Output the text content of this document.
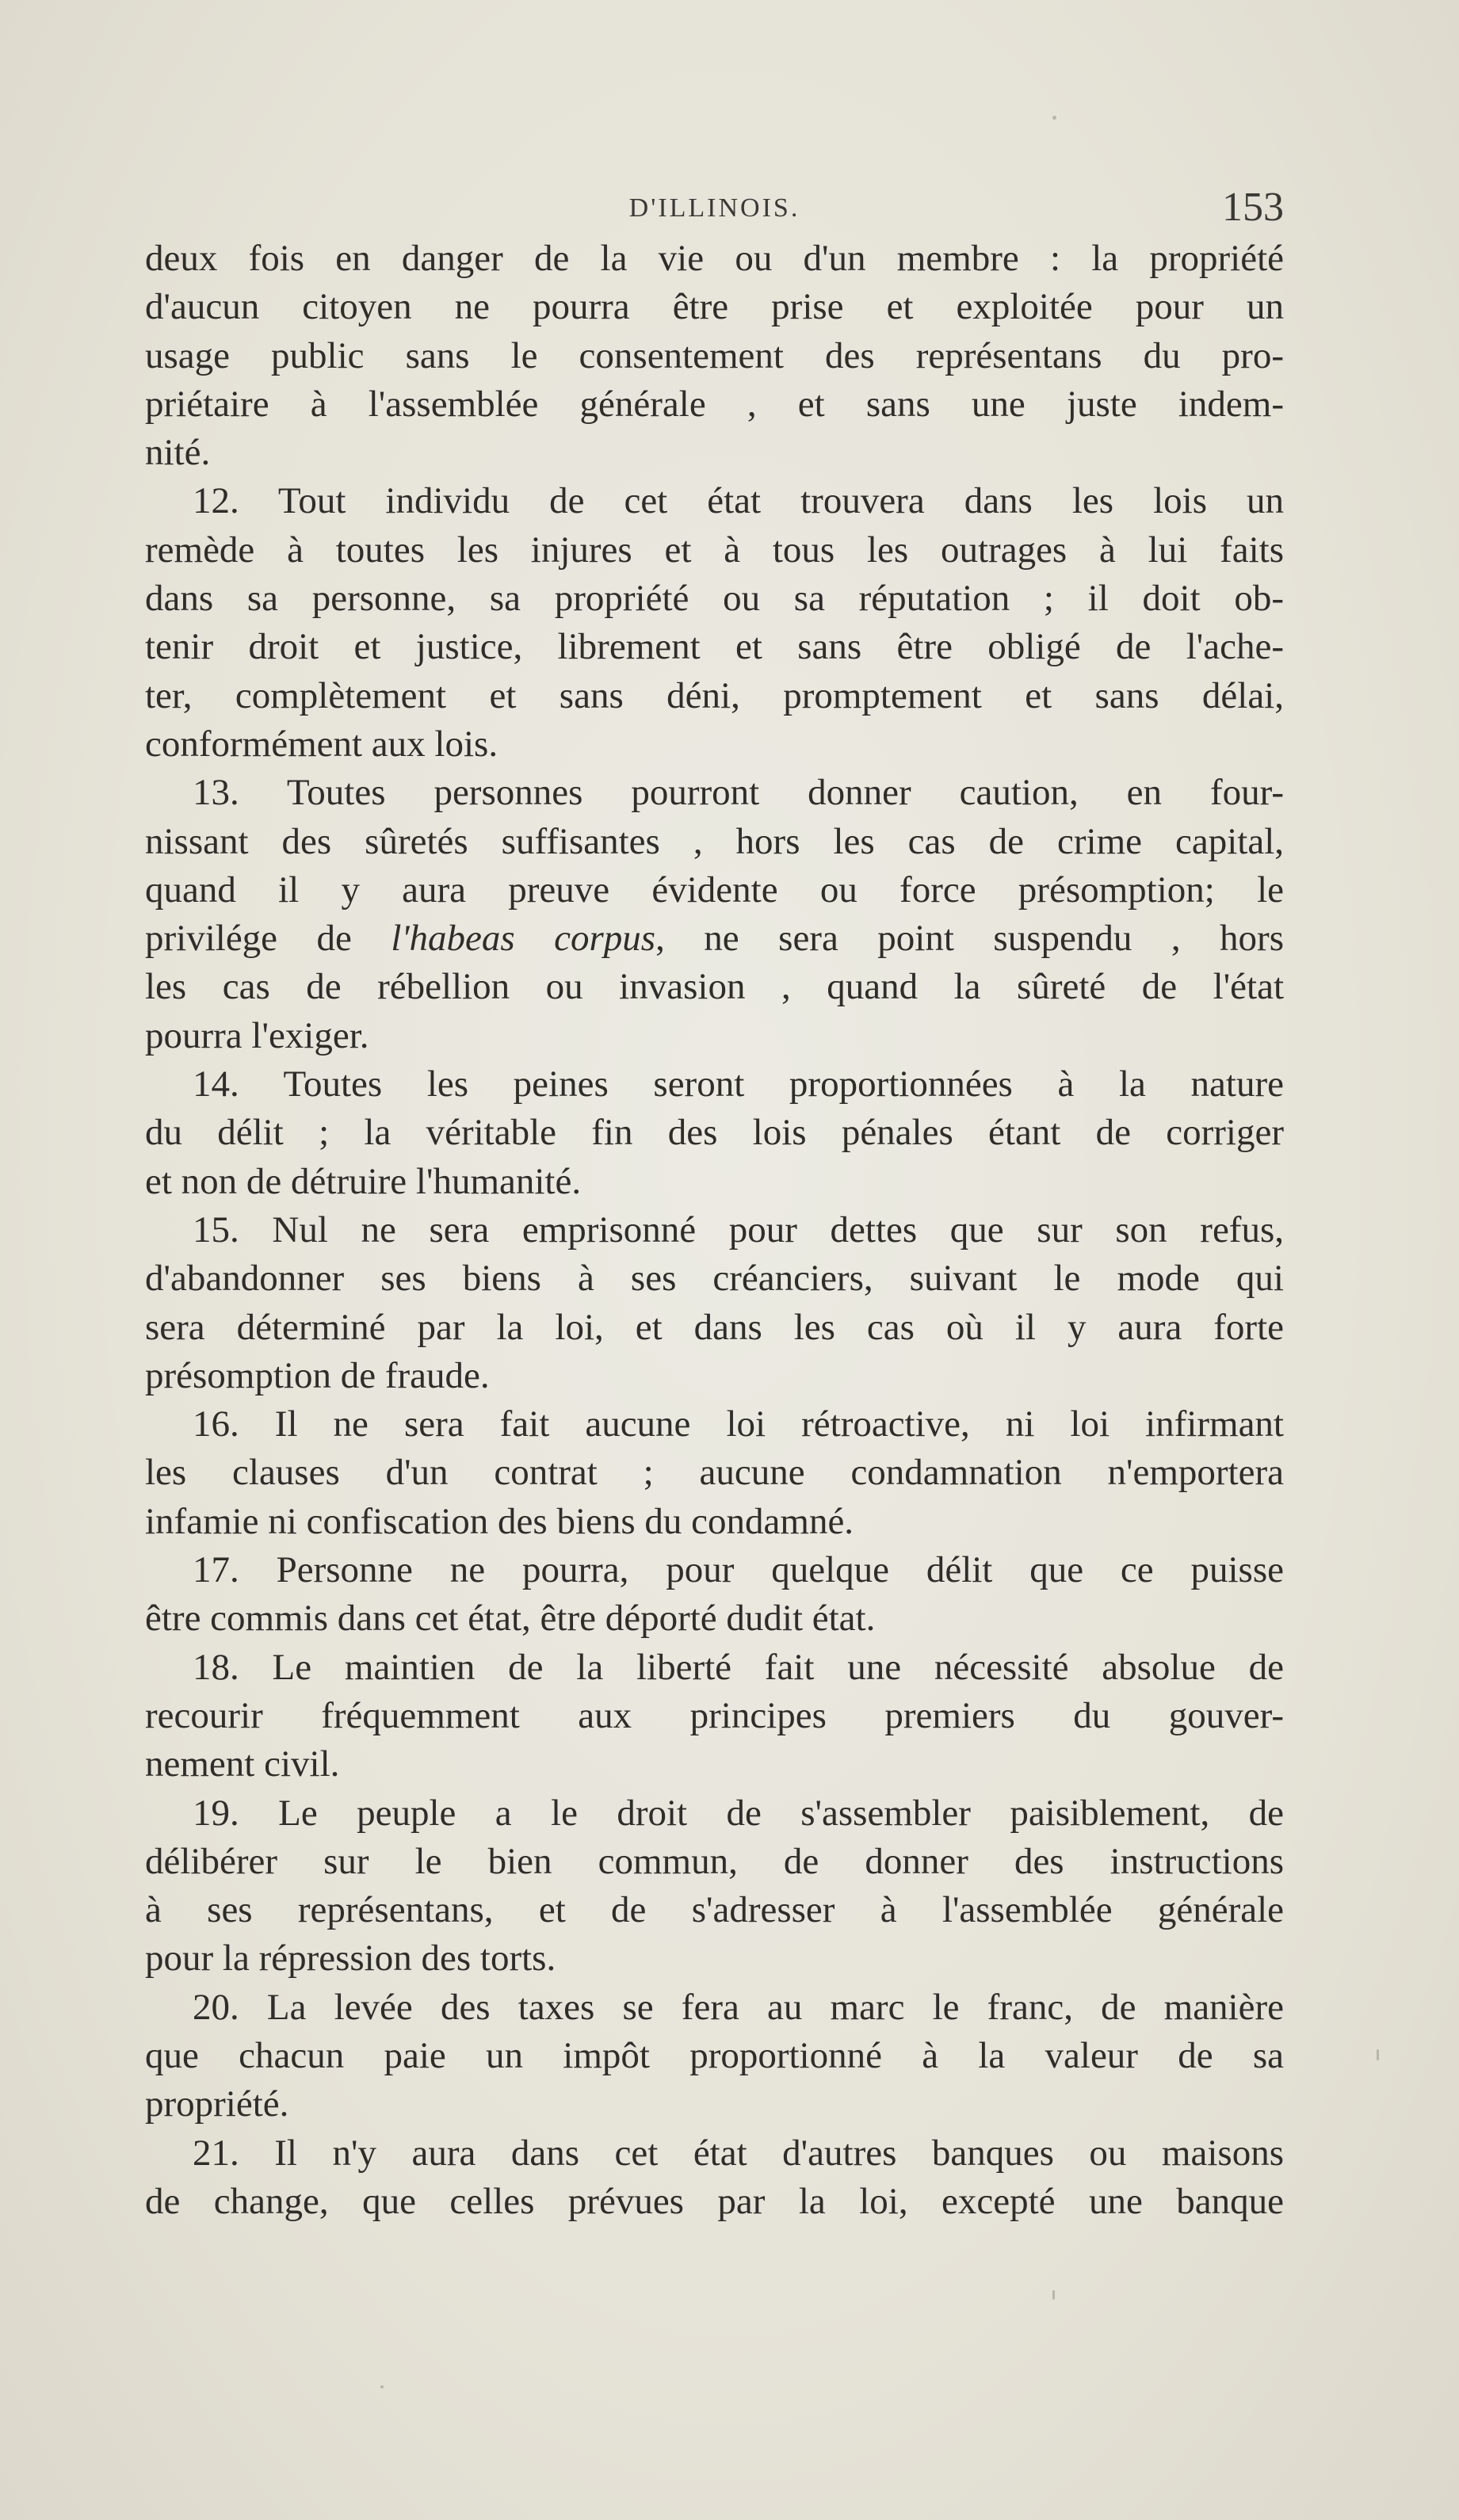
D'ILLINOIS.	153
deux fois en danger de la vie ou d'un membre : la propriété
d'aucun citoyen ne pourra être prise et exploitée pour un
usage public sans le consentement des représentans du pro-
priétaire à l'assemblée générale , et sans une juste indem-
nité.
12. Tout individu de cet état trouvera dans les lois un
remède à toutes les injures et à tous les outrages à lui faits
dans sa personne, sa propriété ou sa réputation ; il doit ob-
tenir droit et justice, librement et sans être obligé de l'ache-
ter, complètement et sans déni, promptement et sans délai,
conformément aux lois.
13. Toutes personnes pourront donner caution, en four-
nissant des sûretés suffisantes , hors les cas de crime capital,
quand il y aura preuve évidente ou force présomption; le
privilége de l'habeas corpus, ne sera point suspendu , hors
les cas de rébellion ou invasion , quand la sûreté de l'état
pourra l'exiger.
14. Toutes les peines seront proportionnées à la nature
du délit ; la véritable fin des lois pénales étant de corriger
et non de détruire l'humanité.
15. Nul ne sera emprisonné pour dettes que sur son refus,
d'abandonner ses biens à ses créanciers, suivant le mode qui
sera déterminé par la loi, et dans les cas où il y aura forte
présomption de fraude.
16. Il ne sera fait aucune loi rétroactive, ni loi infirmant
les clauses d'un contrat ; aucune condamnation n'emportera
infamie ni confiscation des biens du condamné.
17. Personne ne pourra, pour quelque délit que ce puisse
être commis dans cet état, être déporté dudit état.
18. Le maintien de la liberté fait une nécessité absolue de
recourir fréquemment aux principes premiers du gouver-
nement civil.
19. Le peuple a le droit de s'assembler paisiblement, de
délibérer sur le bien commun, de donner des instructions
à ses représentans, et de s'adresser à l'assemblée générale
pour la répression des torts.
20. La levée des taxes se fera au marc le franc, de manière
que chacun paie un impôt proportionné à la valeur de sa
propriété.
21. Il n'y aura dans cet état d'autres banques ou maisons
de change, que celles prévues par la loi, excepté une banque
